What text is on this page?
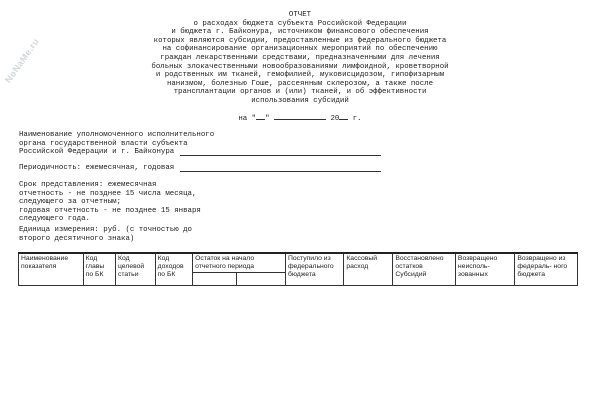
NoNaMe.ru
ОТЧЕТ
о расходах бюджета субъекта Российской Федерации
и бюджета г. Байконура, источником финансового обеспечения
которых являются субсидии, предоставленные из федерального бюджета
на софинансирование организационных мероприятий по обеспечению
граждан лекарственными средствами, предназначенными для лечения
больных злокачественными новообразованиями лимфоидной, кроветворной
и родственных им тканей, гемофилией, муковисцидозом, гипофизарным
нанизмом, болезнью Гоше, рассеянным склерозом, а также после
трансплантации органов и (или) тканей, и об эффективности
использования субсидий
на " "	20 г.
Наименование уполномоченного исполнительного
органа государственной власти субъекта
Российской Федерации и г. Байконура
Периодичность: ежемесячная, годовая
Срок представления: ежемесячная
отчетность - не позднее 15 числа месяца,
следующего за отчетным;
годовая отчетность - не позднее 15 января
следующего года.
Единица измерения: руб. (с точностью до
второго десятичного знака)
Наименование показателя	Код главы по БК	Код целевой статьи	Код доходов по БК	Остаток на начало отчетного периода		Поступило из федерального бюджета	Кассовый расход	Восстановлено остатков Субсидий	Возвращено неисполь- зованных	Возвращено из федераль- ного бюджета
